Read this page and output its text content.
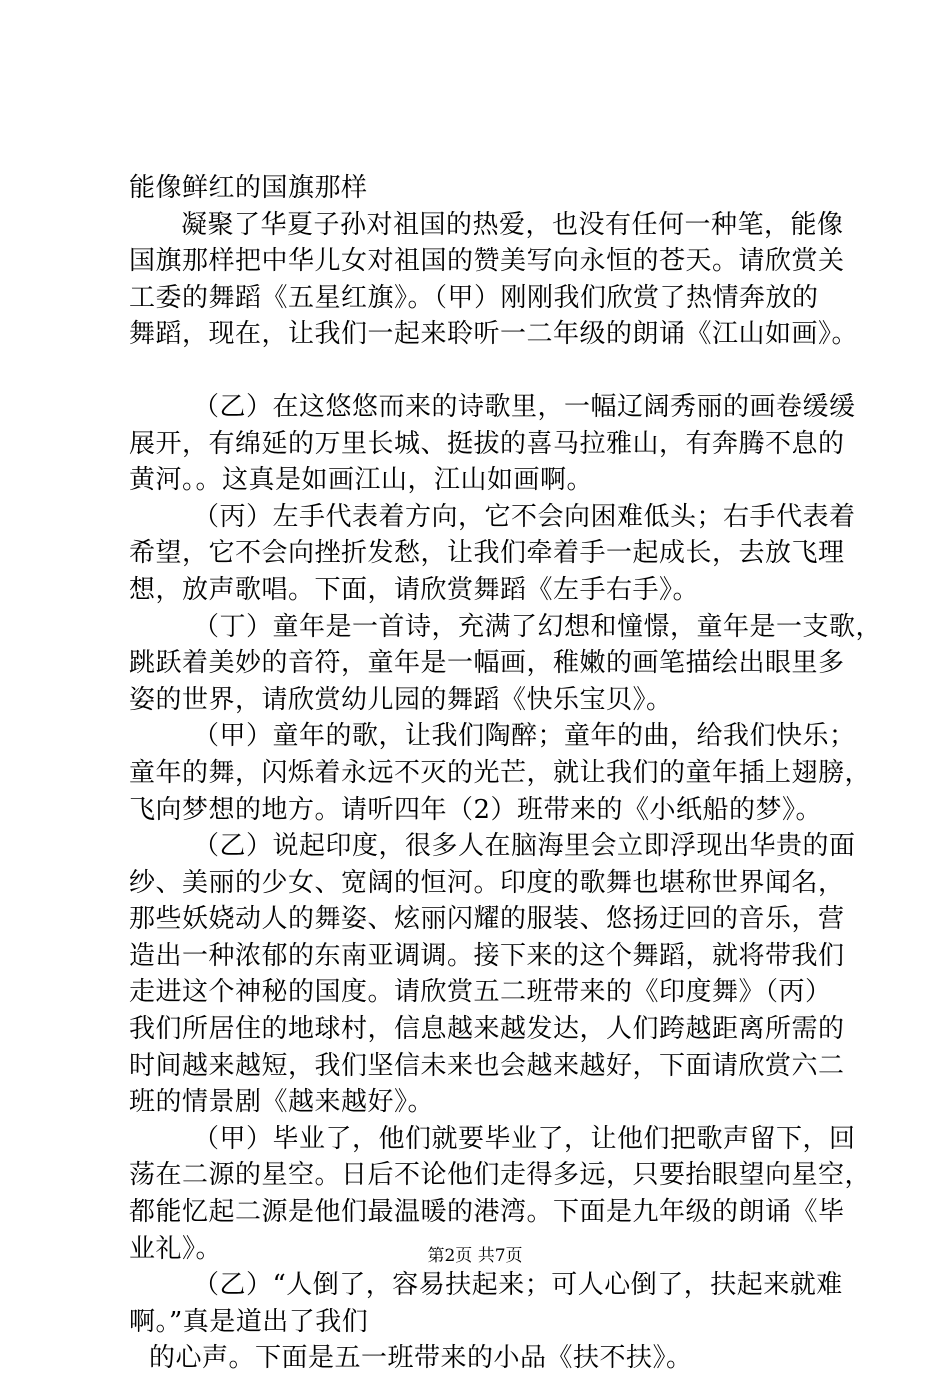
能像鲜红的国旗那样
凝聚了华夏子孙对祖国的热爱，也没有任何一种笔，能像
国旗那样把中华儿女对祖国的赞美写向永恒的苍天。请欣赏关
工委的舞蹈《五星红旗》。（甲）刚刚我们欣赏了热情奔放的
舞蹈，现在，让我们一起来聆听一二年级的朗诵《江山如画》。
（乙）在这悠悠而来的诗歌里，一幅辽阔秀丽的画卷缓缓
展开，有绵延的万里长城、挺拔的喜马拉雅山，有奔腾不息的
黄河。。这真是如画江山，江山如画啊。
（丙）左手代表着方向，它不会向困难低头；右手代表着
希望，它不会向挫折发愁，让我们牵着手一起成长，去放飞理
想，放声歌唱。下面，请欣赏舞蹈《左手右手》。
（丁）童年是一首诗，充满了幻想和憧憬，童年是一支歌，
跳跃着美妙的音符，童年是一幅画，稚嫩的画笔描绘出眼里多
姿的世界，请欣赏幼儿园的舞蹈《快乐宝贝》。
（甲）童年的歌，让我们陶醉；童年的曲，给我们快乐；
童年的舞，闪烁着永远不灭的光芒，就让我们的童年插上翅膀，
飞向梦想的地方。请听四年（2）班带来的《小纸船的梦》。
（乙）说起印度，很多人在脑海里会立即浮现出华贵的面
纱、美丽的少女、宽阔的恒河。印度的歌舞也堪称世界闻名，
那些妖娆动人的舞姿、炫丽闪耀的服装、悠扬迂回的音乐，营
造出一种浓郁的东南亚调调。接下来的这个舞蹈，就将带我们
走进这个神秘的国度。请欣赏五二班带来的《印度舞》（丙）
我们所居住的地球村，信息越来越发达，人们跨越距离所需的
时间越来越短，我们坚信未来也会越来越好，下面请欣赏六二
班的情景剧《越来越好》。
（甲）毕业了，他们就要毕业了，让他们把歌声留下，回
荡在二源的星空。日后不论他们走得多远，只要抬眼望向星空，
都能忆起二源是他们最温暖的港湾。下面是九年级的朗诵《毕
业礼》。
（乙）“人倒了，容易扶起来；可人心倒了，扶起来就难
啊。”真是道出了我们
的心声。下面是五一班带来的小品《扶不扶》。
第2页 共7页
